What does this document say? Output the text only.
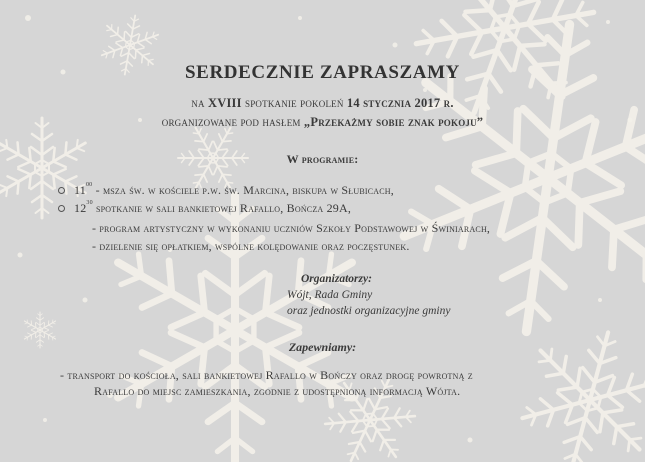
SERDECZNIE ZAPRASZAMY
na XVIII spotkanie pokoleń 14 stycznia 2017 r.
organizowane pod hasłem „Przekażmy sobie znak pokoju”
W programie:
$11^{00}$ - msza św. w kościele p.w. św. Marcina, biskupa w Słubicach,
$12^{30}$ spotkanie w sali bankietowej Rafallo, Bończa 29A,
- program artystyczny w wykonaniu uczniów Szkoły Podstawowej w Świniarach,
- dzielenie się opłatkiem, wspólne kolędowanie oraz poczęstunek.
Organizatorzy:
Wójt, Rada Gminy
oraz jednostki organizacyjne gminy
Zapewniamy:
- transport do kościoła, sali bankietowej Rafallo w Bończy oraz drogę powrotną z
Rafallo do miejsc zamieszkania, zgodnie z udostępnioną informacją Wójta.
